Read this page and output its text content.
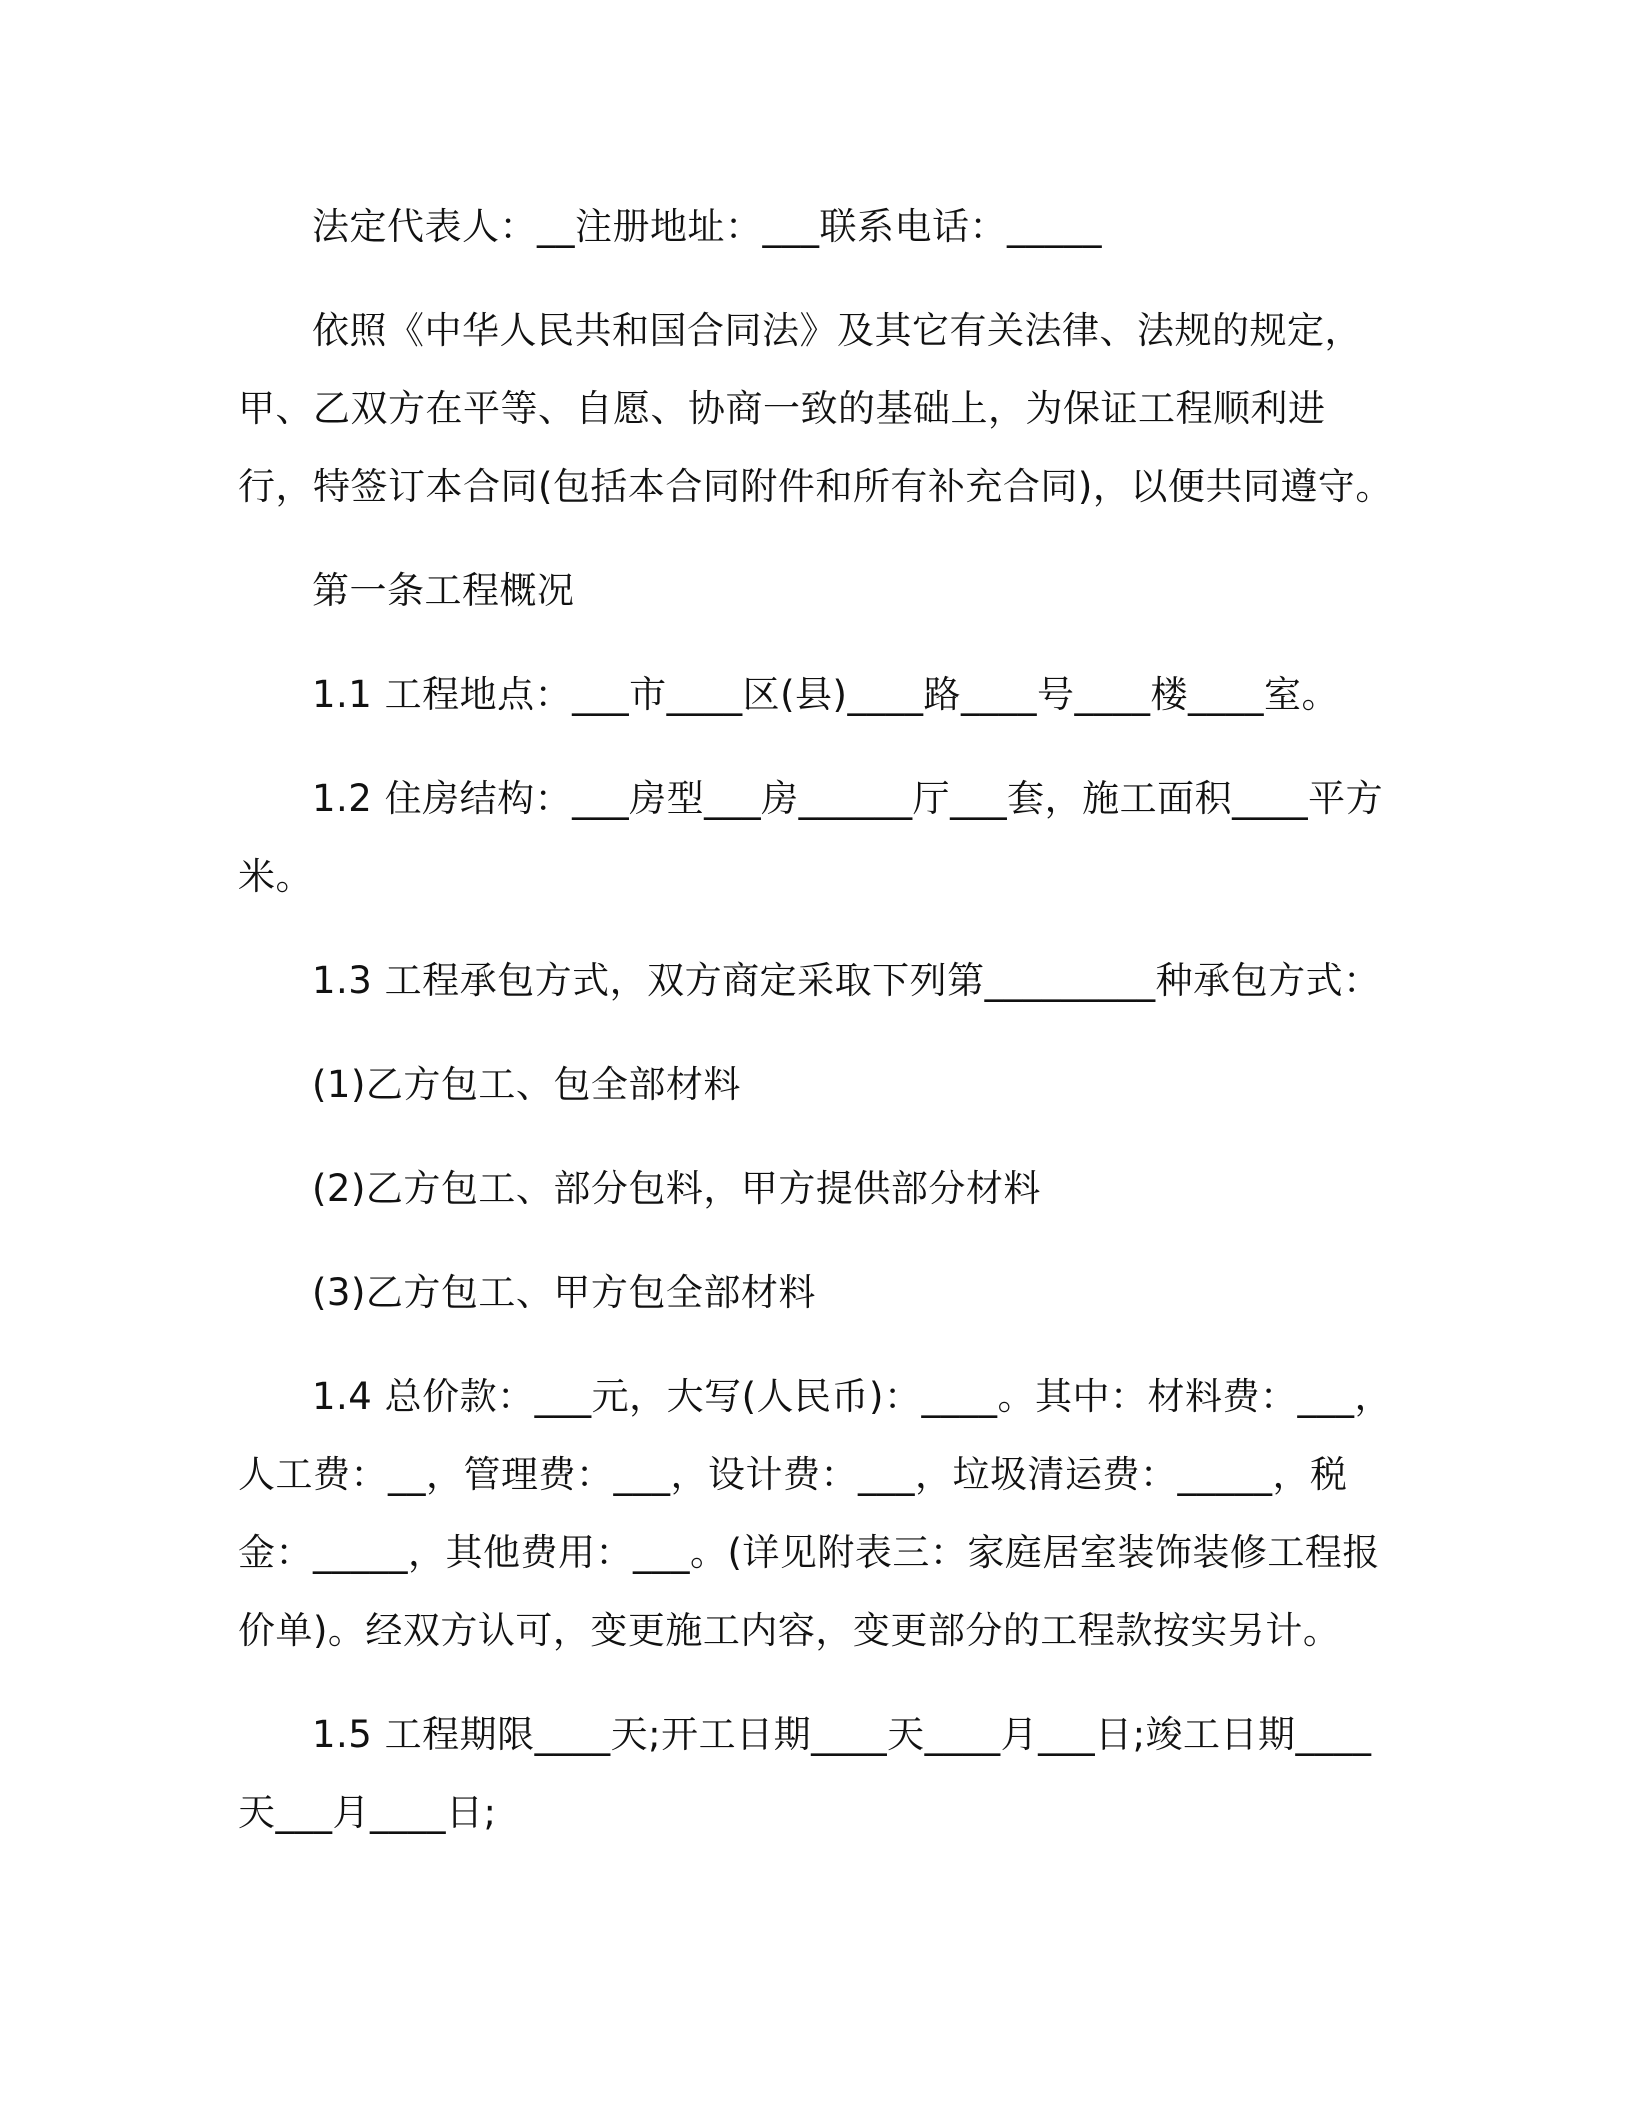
法定代表人：__注册地址：___联系电话：_____

依照《中华人民共和国合同法》及其它有关法律、法规的规定，甲、乙双方在平等、自愿、协商一致的基础上，为保证工程顺利进行，特签订本合同(包括本合同附件和所有补充合同)，以便共同遵守。

第一条工程概况

1.1 工程地点：___市____区(县)____路____号____楼____室。

1.2 住房结构：___房型___房______厅___套，施工面积____平方米。

1.3 工程承包方式，双方商定采取下列第_________种承包方式：

(1)乙方包工、包全部材料

(2)乙方包工、部分包料，甲方提供部分材料

(3)乙方包工、甲方包全部材料

1.4 总价款：___元，大写(人民币)：____。其中：材料费：___，人工费：__，管理费：___，设计费：___，垃圾清运费：_____，税金：_____，其他费用：___。(详见附表三：家庭居室装饰装修工程报价单)。经双方认可，变更施工内容，变更部分的工程款按实另计。

1.5 工程期限____天;开工日期____天____月___日;竣工日期____天___月____日;
